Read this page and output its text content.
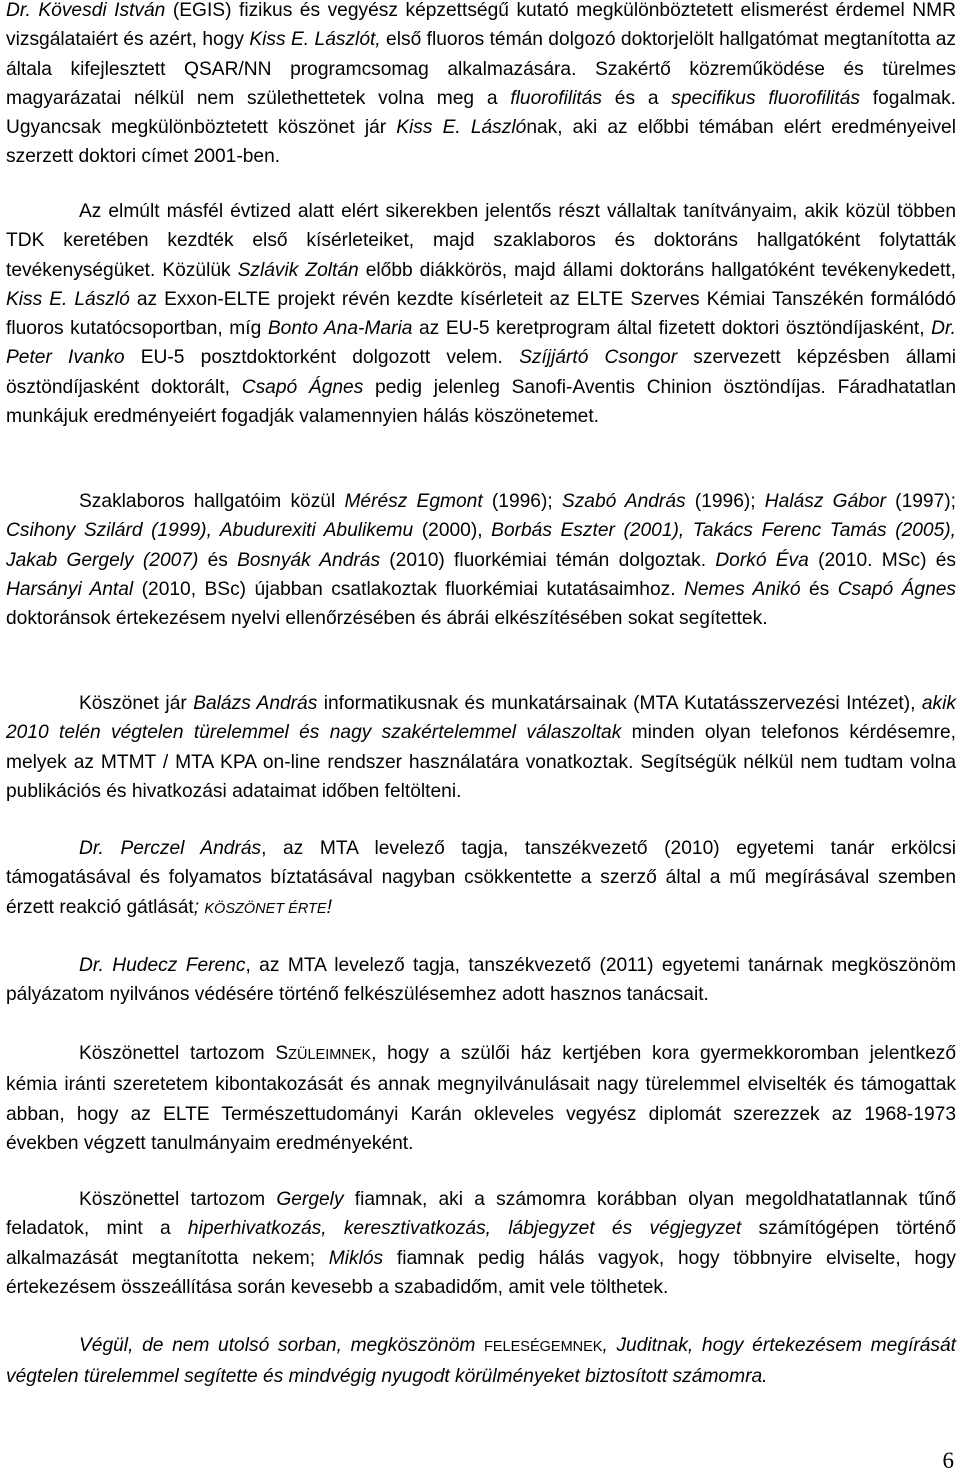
Dr. Kövesdi István (EGIS) fizikus és vegyész képzettségű kutató megkülönböztetett elismerést érdemel NMR vizsgálataiért és azért, hogy Kiss E. Lászlót, első fluoros témán dolgozó doktorjelölt hallgatómat megtanította az általa kifejlesztett QSAR/NN programcsomag alkalmazására. Szakértő közreműködése és türelmes magyarázatai nélkül nem születhettetek volna meg a fluorofilitás és a specifikus fluorofilitás fogalmak. Ugyancsak megkülönböztetett köszönet jár Kiss E. Lászlónak, aki az előbbi témában elért eredményeivel szerzett doktori címet 2001-ben.

Az elmúlt másfél évtized alatt elért sikerekben jelentős részt vállaltak tanítványaim, akik közül többen TDK keretében kezdték első kísérleteiket, majd szaklaboros és doktoráns hallgatóként folytatták tevékenységüket. Közülük Szlávik Zoltán előbb diákkörös, majd állami doktoráns hallgatóként tevékenykedett, Kiss E. László az Exxon-ELTE projekt révén kezdte kísérleteit az ELTE Szerves Kémiai Tanszékén formálódó fluoros kutatócsoportban, míg Bonto Ana-Maria az EU-5 keretprogram által fizetett doktori ösztöndíjasként, Dr. Peter Ivanko EU-5 posztdoktorként dolgozott velem. Szíjjártó Csongor szervezett képzésben állami ösztöndíjasként doktorált, Csapó Ágnes pedig jelenleg Sanofi-Aventis Chinion ösztöndíjas. Fáradhatatlan munkájuk eredményeiért fogadják valamennyien hálás köszönetemet.

Szaklaboros hallgatóim közül Mérész Egmont (1996); Szabó András (1996); Halász Gábor (1997); Csihony Szilárd (1999), Abudurexiti Abulikemu (2000), Borbás Eszter (2001), Takács Ferenc Tamás (2005), Jakab Gergely (2007) és Bosnyák András (2010) fluorkémiai témán dolgoztak. Dorkó Éva (2010. MSc) és Harsányi Antal (2010, BSc) újabban csatlakoztak fluorkémiai kutatásaimhoz. Nemes Anikó és Csapó Ágnes doktoránsok értekezésem nyelvi ellenőrzésében és ábrái elkészítésében sokat segítettek.

Köszönet jár Balázs András informatikusnak és munkatársainak (MTA Kutatásszervezési Intézet), akik 2010 telén végtelen türelemmel és nagy szakértelemmel válaszoltak minden olyan telefonos kérdésemre, melyek az MTMT / MTA KPA on-line rendszer használatára vonatkoztak. Segítségük nélkül nem tudtam volna publikációs és hivatkozási adataimat időben feltölteni.

Dr. Perczel András, az MTA levelező tagja, tanszékvezető (2010) egyetemi tanár erkölcsi támogatásával és folyamatos bíztatásával nagyban csökkentette a szerző által a mű megírásával szemben érzett reakció gátlását; KÖSZÖNET ÉRTE!

Dr. Hudecz Ferenc, az MTA levelező tagja, tanszékvezető (2011) egyetemi tanárnak megköszönöm pályázatom nyilvános védésére történő felkészülésemhez adott hasznos tanácsait.

Köszönettel tartozom SZÜLEIMNEK, hogy a szülői ház kertjében kora gyermekkoromban jelentkező kémia iránti szeretetem kibontakozását és annak megnyilvánulásait nagy türelemmel elviselték és támogattak abban, hogy az ELTE Természettudományi Karán okleveles vegyész diplomát szerezzek az 1968-1973 években végzett tanulmányaim eredményeként.

Köszönettel tartozom Gergely fiamnak, aki a számomra korábban olyan megoldhatatlannak tűnő feladatok, mint a hiperhivatkozás, keresztivatkozás, lábjegyzet és végjegyzet számítógépen történő alkalmazását megtanította nekem; Miklós fiamnak pedig hálás vagyok, hogy többnyire elviselte, hogy értekezésem összeállítása során kevesebb a szabadidőm, amit vele tölthetek.

Végül, de nem utolsó sorban, megköszönöm FELESÉGEMNEK, Juditnak, hogy értekezésem megírását végtelen türelemmel segítette és mindvégig nyugodt körülményeket biztosított számomra.

6
